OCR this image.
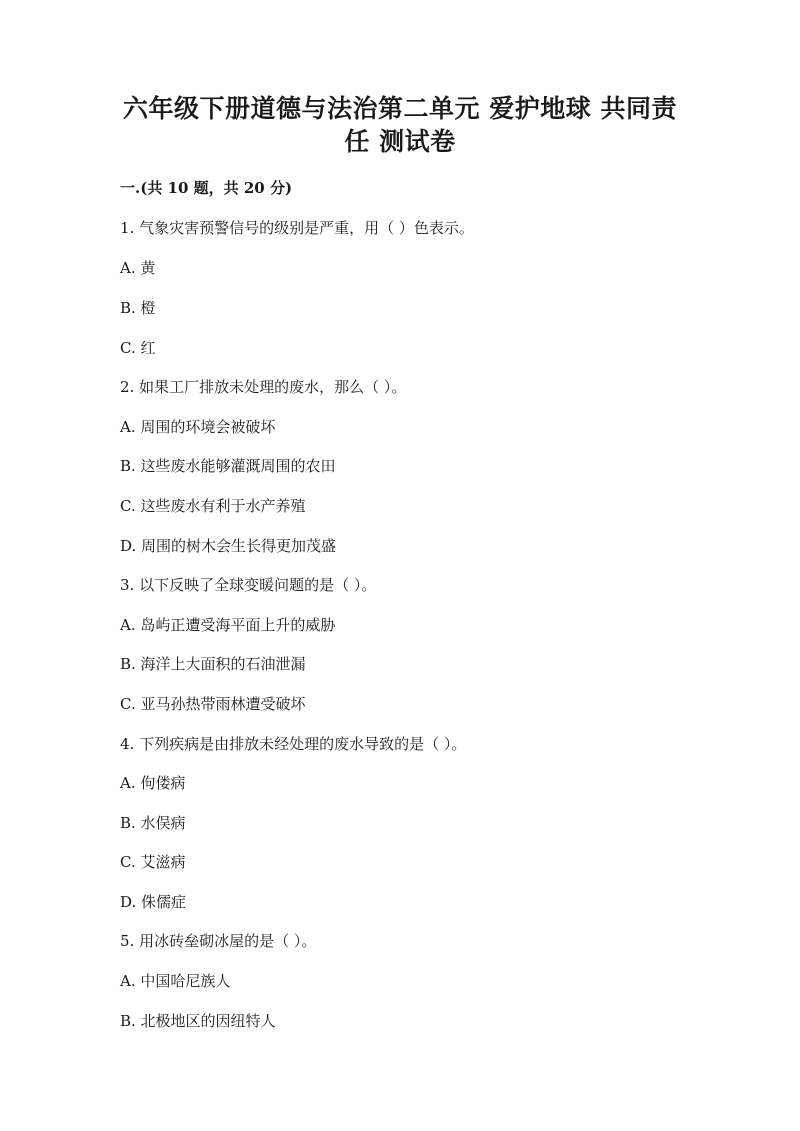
六年级下册道德与法治第二单元 爱护地球 共同责
任 测试卷
一.(共 10 题，共 20 分)
1. 气象灾害预警信号的级别是严重，用（ ）色表示。
A. 黄
B. 橙
C. 红
2. 如果工厂排放未处理的废水，那么（ ）。
A. 周围的环境会被破坏
B. 这些废水能够灌溉周围的农田
C. 这些废水有利于水产养殖
D. 周围的树木会生长得更加茂盛
3. 以下反映了全球变暖问题的是（ ）。
A. 岛屿正遭受海平面上升的威胁
B. 海洋上大面积的石油泄漏
C. 亚马孙热带雨林遭受破坏
4. 下列疾病是由排放未经处理的废水导致的是（ ）。
A. 佝偻病
B. 水俣病
C. 艾滋病
D. 侏儒症
5. 用冰砖垒砌冰屋的是（ ）。
A. 中国哈尼族人
B. 北极地区的因纽特人
